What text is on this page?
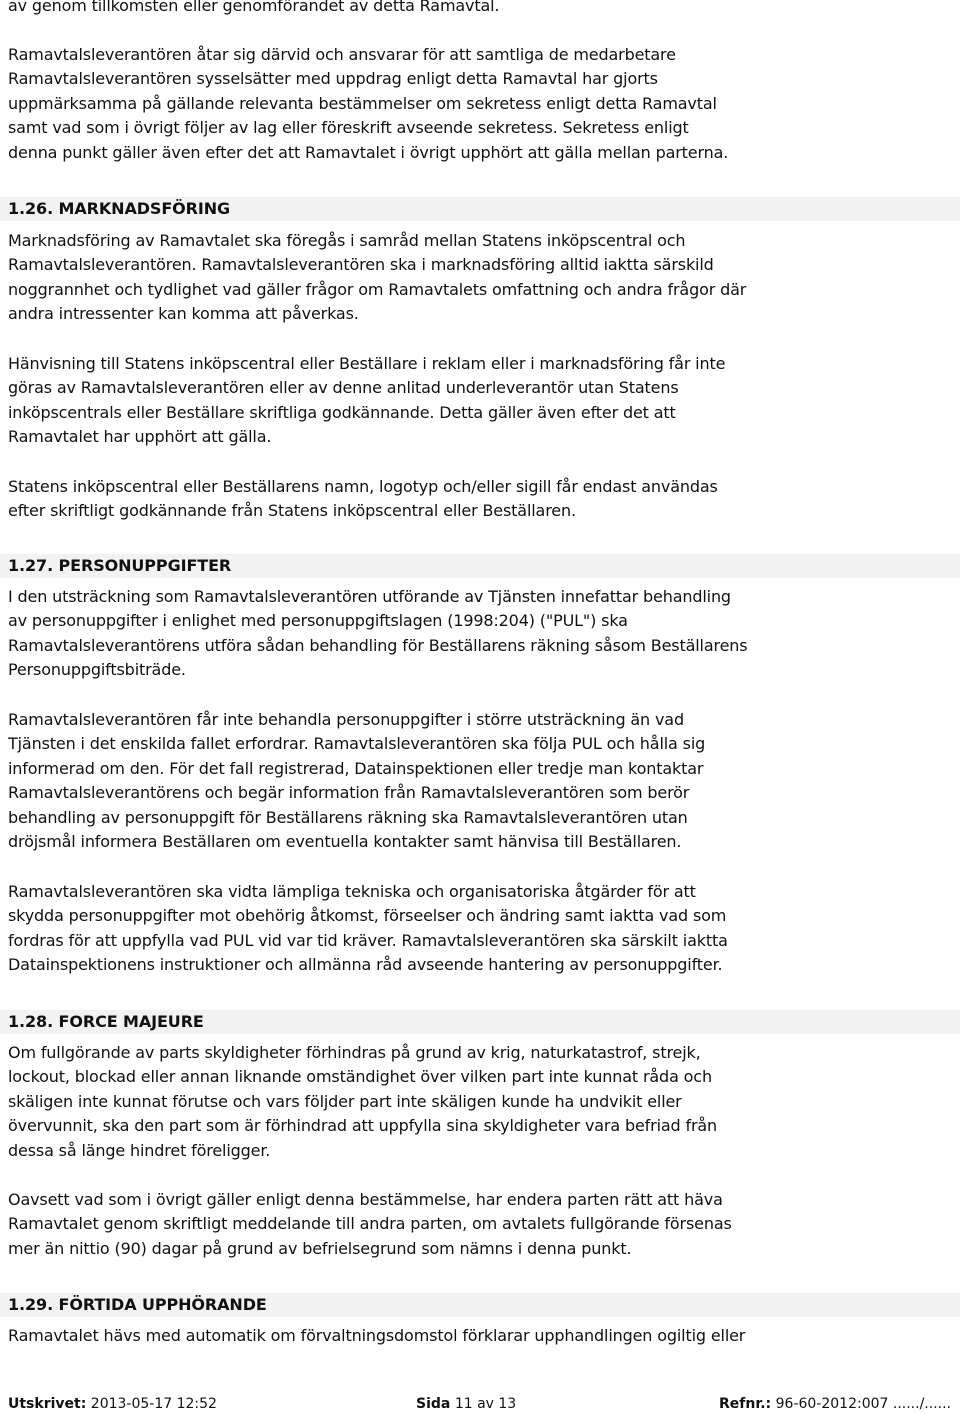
av genom tillkomsten eller genomförandet av detta Ramavtal.
Ramavtalsleverantören åtar sig därvid och ansvarar för att samtliga de medarbetare
Ramavtalsleverantören sysselsätter med uppdrag enligt detta Ramavtal har gjorts
uppmärksamma på gällande relevanta bestämmelser om sekretess enligt detta Ramavtal
samt vad som i övrigt följer av lag eller föreskrift avseende sekretess. Sekretess enligt
denna punkt gäller även efter det att Ramavtalet i övrigt upphört att gälla mellan parterna.
1.26. MARKNADSFÖRING
Marknadsföring av Ramavtalet ska föregås i samråd mellan Statens inköpscentral och
Ramavtalsleverantören. Ramavtalsleverantören ska i marknadsföring alltid iaktta särskild
noggrannhet och tydlighet vad gäller frågor om Ramavtalets omfattning och andra frågor där
andra intressenter kan komma att påverkas.
Hänvisning till Statens inköpscentral eller Beställare i reklam eller i marknadsföring får inte
göras av Ramavtalsleverantören eller av denne anlitad underleverantör utan Statens
inköpscentrals eller Beställare skriftliga godkännande. Detta gäller även efter det att
Ramavtalet har upphört att gälla.
Statens inköpscentral eller Beställarens namn, logotyp och/eller sigill får endast användas
efter skriftligt godkännande från Statens inköpscentral eller Beställaren.
1.27. PERSONUPPGIFTER
I den utsträckning som Ramavtalsleverantören utförande av Tjänsten innefattar behandling
av personuppgifter i enlighet med personuppgiftslagen (1998:204) ("PUL") ska
Ramavtalsleverantörens utföra sådan behandling för Beställarens räkning såsom Beställarens
Personuppgiftsbiträde.
Ramavtalsleverantören får inte behandla personuppgifter i större utsträckning än vad
Tjänsten i det enskilda fallet erfordrar. Ramavtalsleverantören ska följa PUL och hålla sig
informerad om den. För det fall registrerad, Datainspektionen eller tredje man kontaktar
Ramavtalsleverantörens och begär information från Ramavtalsleverantören som berör
behandling av personuppgift för Beställarens räkning ska Ramavtalsleverantören utan
dröjsmål informera Beställaren om eventuella kontakter samt hänvisa till Beställaren.
Ramavtalsleverantören ska vidta lämpliga tekniska och organisatoriska åtgärder för att
skydda personuppgifter mot obehörig åtkomst, förseelser och ändring samt iaktta vad som
fordras för att uppfylla vad PUL vid var tid kräver. Ramavtalsleverantören ska särskilt iaktta
Datainspektionens instruktioner och allmänna råd avseende hantering av personuppgifter.
1.28. FORCE MAJEURE
Om fullgörande av parts skyldigheter förhindras på grund av krig, naturkatastrof, strejk,
lockout, blockad eller annan liknande omständighet över vilken part inte kunnat råda och
skäligen inte kunnat förutse och vars följder part inte skäligen kunde ha undvikit eller
övervunnit, ska den part som är förhindrad att uppfylla sina skyldigheter vara befriad från
dessa så länge hindret föreligger.
Oavsett vad som i övrigt gäller enligt denna bestämmelse, har endera parten rätt att häva
Ramavtalet genom skriftligt meddelande till andra parten, om avtalets fullgörande försenas
mer än nittio (90) dagar på grund av befrielsegrund som nämns i denna punkt.
1.29. FÖRTIDA UPPHÖRANDE
Ramavtalet hävs med automatik om förvaltningsdomstol förklarar upphandlingen ogiltig eller
Utskrivet: 2013-05-17 12:52	Sida 11 av 13	Refnr.: 96-60-2012:007 ....../......
